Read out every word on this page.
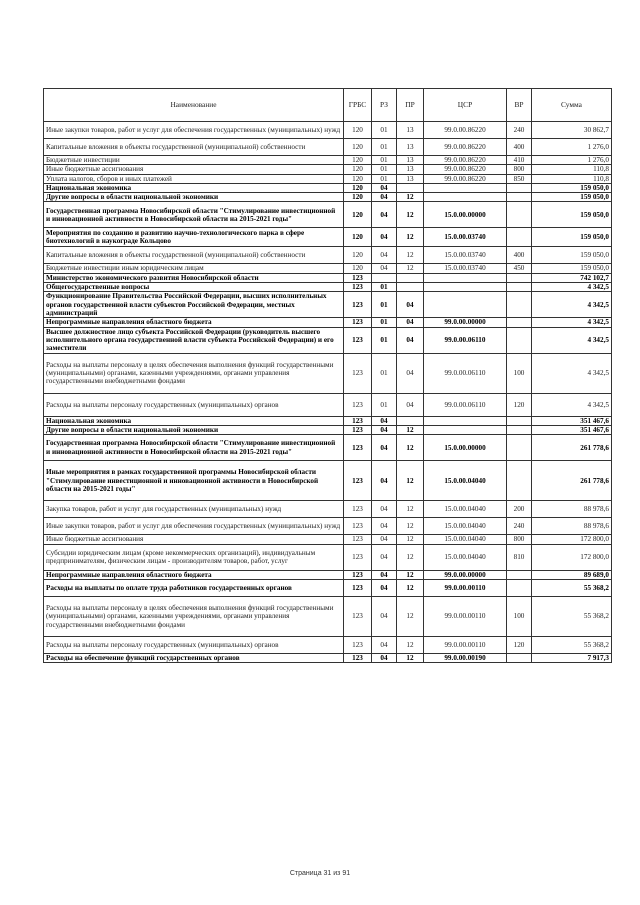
Наименование	ГРБС	РЗ	ПР	ЦСР	ВР	Сумма
Иные закупки товаров, работ и услуг для обеспечения государственных (муниципальных) нужд	120	01	13	99.0.00.86220	240	30 862,7
Капитальные вложения в объекты государственной (муниципальной) собственности	120	01	13	99.0.00.86220	400	1 276,0
Бюджетные инвестиции	120	01	13	99.0.00.86220	410	1 276,0
Иные бюджетные ассигнования	120	01	13	99.0.00.86220	800	110,8
Уплата налогов, сборов и иных платежей	120	01	13	99.0.00.86220	850	110,8
Национальная экономика	120	04				159 050,0
Другие вопросы в области национальной экономики	120	04	12			159 050,0
Государственная программа Новосибирской области "Стимулирование инвестиционной и инновационной активности в Новосибирской области на 2015-2021 годы"	120	04	12	15.0.00.00000		159 050,0
Мероприятия по созданию и развитию научно-технологического парка в сфере биотехнологий в наукограде Кольцово	120	04	12	15.0.00.03740		159 050,0
Капитальные вложения в объекты государственной (муниципальной) собственности	120	04	12	15.0.00.03740	400	159 050,0
Бюджетные инвестиции иным юридическим лицам	120	04	12	15.0.00.03740	450	159 050,0
Министерство экономического развития Новосибирской области	123					742 102,7
Общегосударственные вопросы	123	01				4 342,5
Функционирование Правительства Российской Федерации, высших исполнительных органов государственной власти субъектов Российской Федерации, местных администраций	123	01	04			4 342,5
Непрограммные направления областного бюджета	123	01	04	99.0.00.00000		4 342,5
Высшее должностное лицо субъекта Российской Федерации (руководитель высшего исполнительного органа государственной власти субъекта Российской Федерации) и его заместители	123	01	04	99.0.00.06110		4 342,5
Расходы на выплаты персоналу в целях обеспечения выполнения функций государственными (муниципальными) органами, казенными учреждениями, органами управления государственными внебюджетными фондами	123	01	04	99.0.00.06110	100	4 342,5
Расходы на выплаты персоналу государственных (муниципальных) органов	123	01	04	99.0.00.06110	120	4 342,5
Национальная экономика	123	04				351 467,6
Другие вопросы в области национальной экономики	123	04	12			351 467,6
Государственная программа Новосибирской области "Стимулирование инвестиционной и инновационной активности в Новосибирской области на 2015-2021 годы"	123	04	12	15.0.00.00000		261 778,6
Иные мероприятия в рамках государственной программы Новосибирской области "Стимулирование инвестиционной и инновационной активности в Новосибирской области на 2015-2021 годы"	123	04	12	15.0.00.04040		261 778,6
Закупка товаров, работ и услуг для государственных (муниципальных) нужд	123	04	12	15.0.00.04040	200	88 978,6
Иные закупки товаров, работ и услуг для обеспечения государственных (муниципальных) нужд	123	04	12	15.0.00.04040	240	88 978,6
Иные бюджетные ассигнования	123	04	12	15.0.00.04040	800	172 800,0
Субсидии юридическим лицам (кроме некоммерческих организаций), индивидуальным предпринимателям, физическим лицам - производителям товаров, работ, услуг	123	04	12	15.0.00.04040	810	172 800,0
Непрограммные направления областного бюджета	123	04	12	99.0.00.00000		89 689,0
Расходы на выплаты по оплате труда работников государственных органов	123	04	12	99.0.00.00110		55 368,2
Расходы на выплаты персоналу в целях обеспечения выполнения функций государственными (муниципальными) органами, казенными учреждениями, органами управления государственными внебюджетными фондами	123	04	12	99.0.00.00110	100	55 368,2
Расходы на выплаты персоналу государственных (муниципальных) органов	123	04	12	99.0.00.00110	120	55 368,2
Расходы на обеспечение функций государственных органов	123	04	12	99.0.00.00190		7 917,3
Страница 31 из 91
